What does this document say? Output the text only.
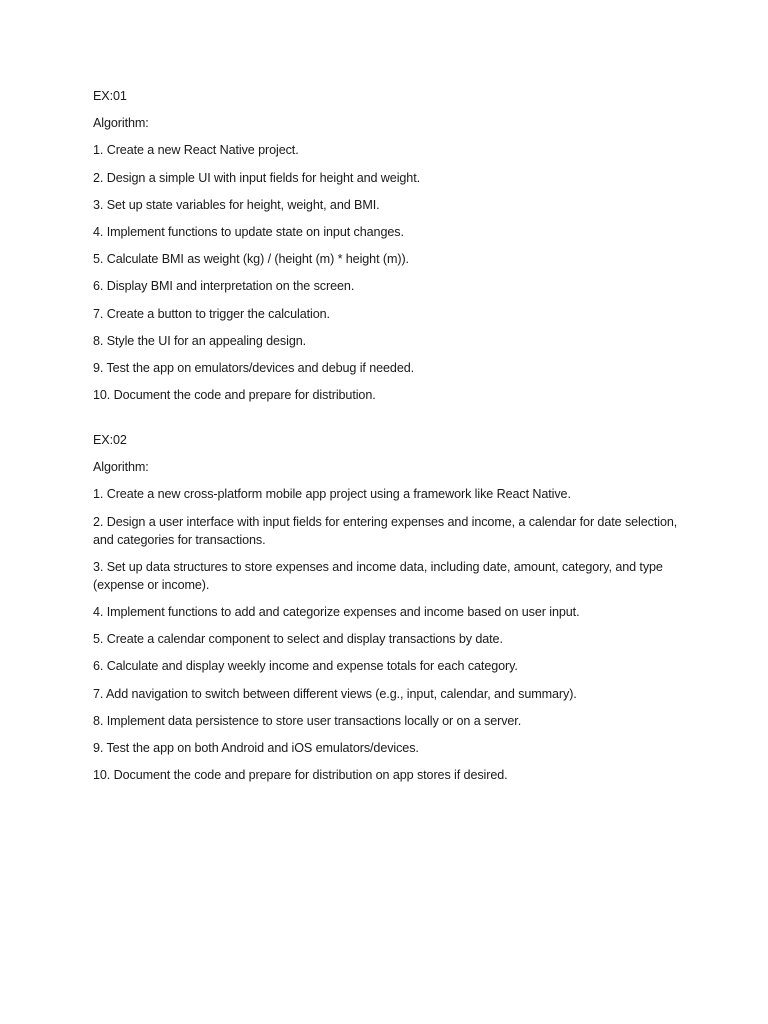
EX:01

Algorithm:

1. Create a new React Native project.
2. Design a simple UI with input fields for height and weight.
3. Set up state variables for height, weight, and BMI.
4. Implement functions to update state on input changes.
5. Calculate BMI as weight (kg) / (height (m) * height (m)).
6. Display BMI and interpretation on the screen.
7. Create a button to trigger the calculation.
8. Style the UI for an appealing design.
9. Test the app on emulators/devices and debug if needed.
10. Document the code and prepare for distribution.

EX:02

Algorithm:

1. Create a new cross-platform mobile app project using a framework like React Native.
2. Design a user interface with input fields for entering expenses and income, a calendar for date selection, and categories for transactions.
3. Set up data structures to store expenses and income data, including date, amount, category, and type (expense or income).
4. Implement functions to add and categorize expenses and income based on user input.
5. Create a calendar component to select and display transactions by date.
6. Calculate and display weekly income and expense totals for each category.
7. Add navigation to switch between different views (e.g., input, calendar, and summary).
8. Implement data persistence to store user transactions locally or on a server.
9. Test the app on both Android and iOS emulators/devices.
10. Document the code and prepare for distribution on app stores if desired.
